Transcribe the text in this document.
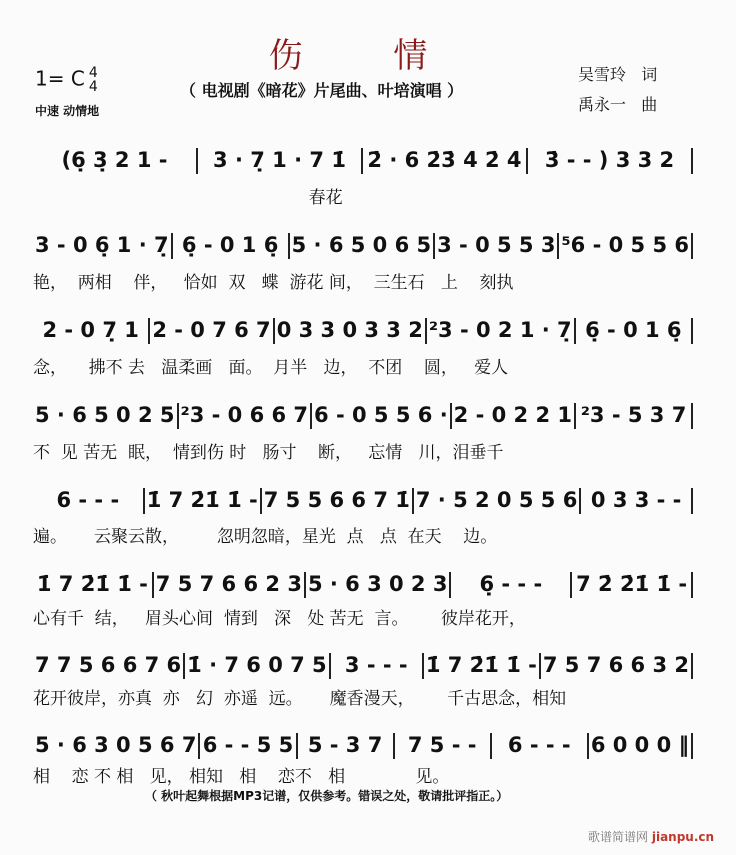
伤 情
1= C 4
4
中速 动情地
（ 电视剧《暗花》片尾曲、叶培演唱 ）
吴雪玲   词
禹永一   曲
(6̣ 3̣ 2 1 -	3 · 7̣ 1 · 7 1̇	2̇ · 6 2̇3̇ 4̇ 2̇ 4̇	3̇ - - ) 3 3 2
春花
3 - 0 6̣ 1 · 7̣ 6̣ - 0 1 6̣ 5 · 6 5 0 6 5 3 - 0 5 5 3 ⁵6 - 0 5 5 6
艳，  两相    伴，   恰如  双   蝶  游花 间，  三生石   上    刻执
2 - 0 7̣ 1 2 - 0 7 6 7 0 3 3 0 3 3 2 ²3 - 0 2 1 · 7̣ 6̣ - 0 1 6̣
念，    拂不 去   温柔画   面。  月半   边，  不团    圆，   爱人
5 · 6 5 0 2 5 ²3 - 0 6 6 7 6 - 0 5 5 6 · 2 - 0 2 2 1 ²3 - 5 3 7
不  见 苦无  眠，  情到伤 时   肠寸    断，   忘情   川，泪垂千
6 - - -	1̇ 7 2̇1̇ 1̇ - 7 5 5 6 6 7 1̇ 7 · 5 2 0 5 5 6 0 3 3 - -
遍。     云聚云散，       忽明忽暗，星光  点   点  在天    边。
1̇ 7 2̇1̇ 1̇ - 7 5 7 6 6 2 3 5 · 6 3 0 2 3	6̣ - - -	7 2̇ 2̇1̇ 1̇ -
心有千  结，   眉头心间  情到   深   处 苦无  言。      彼岸花开，
7 7 5 6 6 7 6 1̇ · 7 6 0 7 5 3 - - - 1̇ 7 2̇1̇ 1̇ - 7 5 7 6 6 3 2
花开彼岸，亦真  亦   幻  亦遥  远。     魔香漫天，      千古思念，相知
5 · 6 3 0 5 6 7 6 - - 5 5 5 - 3 7	7 5 - -	6 - - - 6 0 0 0 ‖
相    恋 不 相   见， 相知   相    恋不   相             见。
（ 秋叶起舞根据MP3记谱，仅供参考。错误之处，敬请批评指正。）
歌谱简谱网 jianpu.cn
